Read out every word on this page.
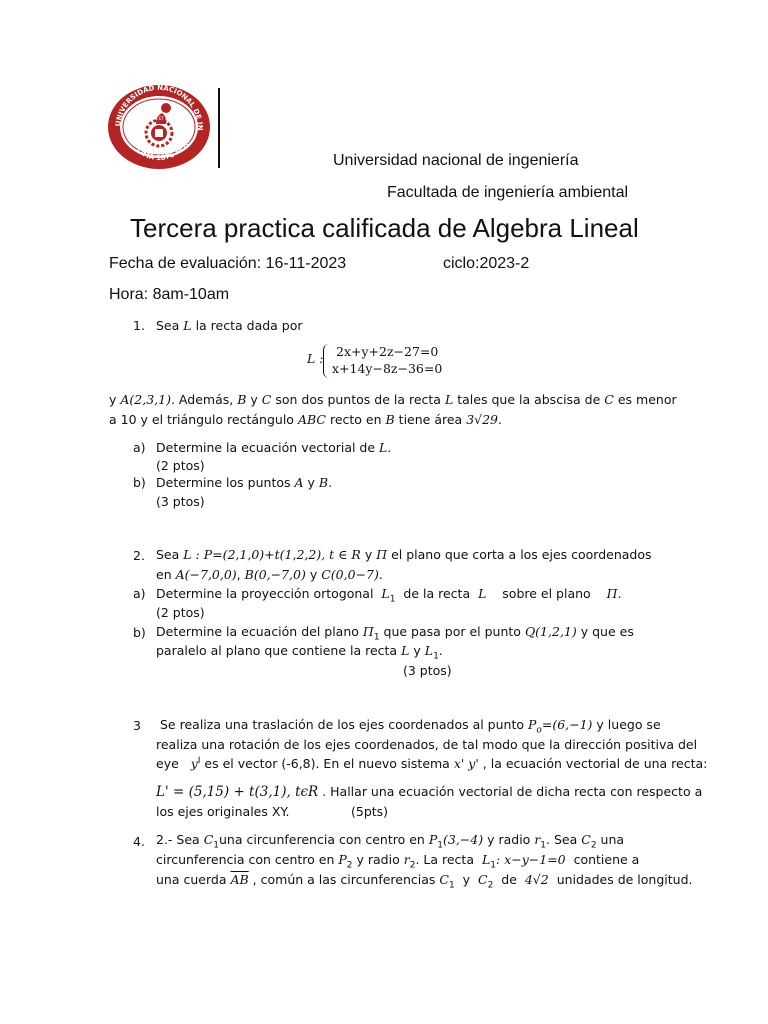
UNIVERSIDAD NACIONAL DE IN
LIMA 1876 PERU
SCIENTIA ET LABOR
Universidad nacional de ingeniería
Facultada de ingeniería ambiental
Tercera practica calificada de Algebra Lineal
Fecha de evaluación: 16-11-2023	ciclo:2023-2
Hora: 8am-10am
1. Sea L la recta dada por
L : 2x+y+2z−27=0
x+14y−8z−36=0
y A(2,3,1). Además, B y C son dos puntos de la recta L tales que la abscisa de C es menor
a 10 y el triángulo rectángulo ABC recto en B tiene área 3√29.
a) Determine la ecuación vectorial de L.
(2 ptos)
b) Determine los puntos A y B.
(3 ptos)
2. Sea L : P=(2,1,0)+t(1,2,2), t ∈ R y Π el plano que corta a los ejes coordenados
en A(−7,0,0), B(0,−7,0) y C(0,0−7).
a) Determine la proyección ortogonal $L_1$ de la recta L sobre el plano Π.
(2 ptos)
b) Determine la ecuación del plano $\Pi_1$ que pasa por el punto Q(1,2,1) y que es
paralelo al plano que contiene la recta L y $L_1$.
(3 ptos)
3 Se realiza una traslación de los ejes coordenados al punto $P_o=(6,-1)$ y luego se
realiza una rotación de los ejes coordenados, de tal modo que la dirección positiva del
eye $y^I$ es el vector (-6,8). En el nuevo sistema x' y' , la ecuación vectorial de una recta:
L' = (5,15) + t(3,1), tϵR . Hallar una ecuación vectorial de dicha recta con respecto a
los ejes originales XY.	(5pts)
4. 2.- Sea $C_1una$ circunferencia con centro en $P_1(3,-4)$ y radio $r_1$. Sea $C_2$ una
circunferencia con centro en $P_2$ y radio $r_2$. La recta $L_1$: x−y−1=0 contiene a
una cuerda $\overline{AB}$ , común a las circunferencias $C_1$ y $C_2$ de 4√2 unidades de longitud.
